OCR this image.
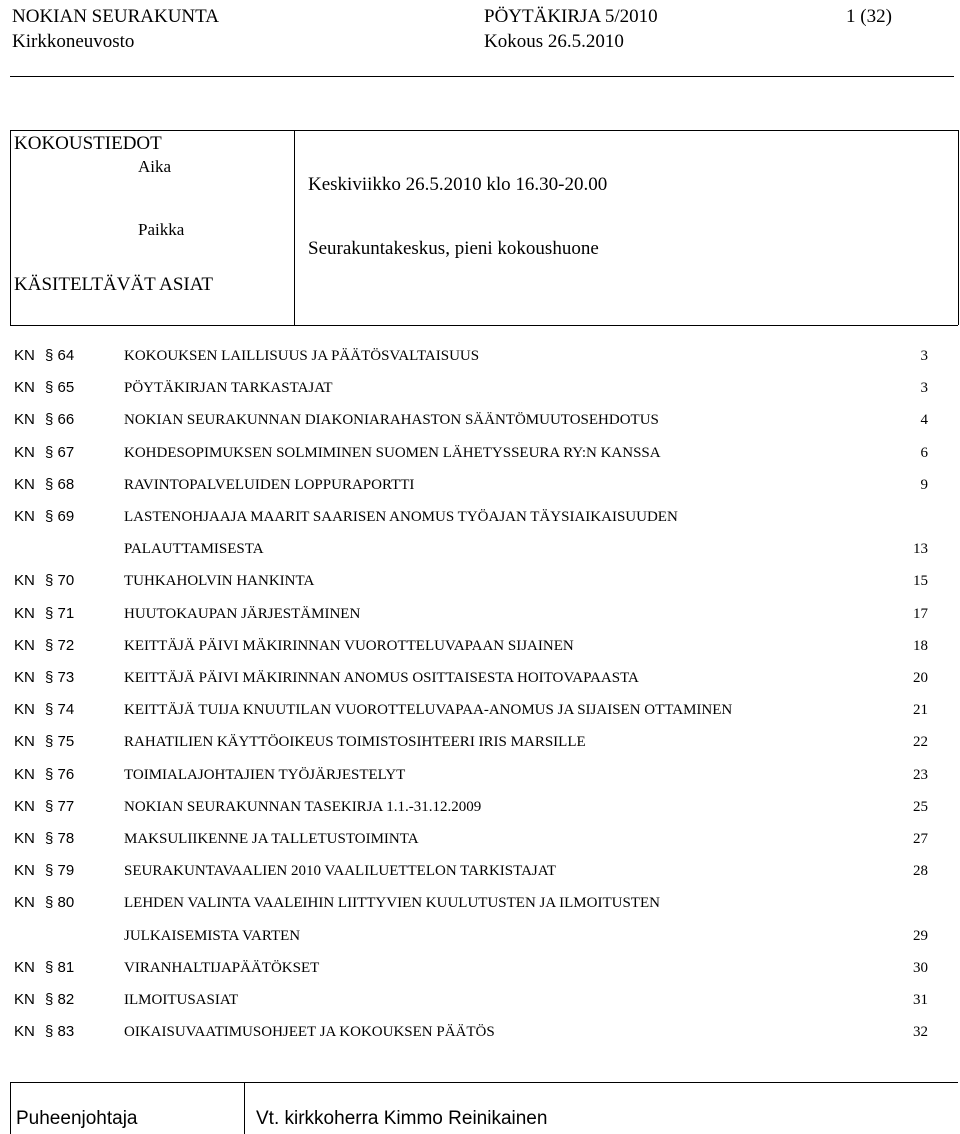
NOKIAN SEURAKUNTA	PÖYTÄKIRJA 5/2010	1 (32)
Kirkkoneuvosto	Kokous 26.5.2010
KOKOUSTIEDOT
Aika
Keskiviikko 26.5.2010 klo 16.30-20.00
Paikka
Seurakuntakeskus, pieni kokoushuone
KÄSITELTÄVÄT ASIAT
KN § 64	KOKOUKSEN LAILLISUUS JA PÄÄTÖSVALTAISUUS	3
KN § 65	PÖYTÄKIRJAN TARKASTAJAT	3
KN § 66	NOKIAN SEURAKUNNAN DIAKONIARAHASTON SÄÄNTÖMUUTOSEHDOTUS	4
KN § 67	KOHDESOPIMUKSEN SOLMIMINEN SUOMEN LÄHETYSSEURA RY:N KANSSA	6
KN § 68	RAVINTOPALVELUIDEN LOPPURAPORTTI	9
KN § 69	LASTENOHJAAJA MAARIT SAARISEN ANOMUS TYÖAJAN TÄYSIAIKAISUUDEN
PALAUTTAMISESTA	13
KN § 70	TUHKAHOLVIN HANKINTA	15
KN § 71	HUUTOKAUPAN JÄRJESTÄMINEN	17
KN § 72	KEITTÄJÄ PÄIVI MÄKIRINNAN VUOROTTELUVAPAAN SIJAINEN	18
KN § 73	KEITTÄJÄ PÄIVI MÄKIRINNAN ANOMUS OSITTAISESTA HOITOVAPAASTA	20
KN § 74	KEITTÄJÄ TUIJA KNUUTILAN VUOROTTELUVAPAA-ANOMUS JA SIJAISEN OTTAMINEN	21
KN § 75	RAHATILIEN KÄYTTÖOIKEUS TOIMISTOSIHTEERI IRIS MARSILLE	22
KN § 76	TOIMIALAJOHTAJIEN TYÖJÄRJESTELYT	23
KN § 77	NOKIAN SEURAKUNNAN TASEKIRJA 1.1.-31.12.2009	25
KN § 78	MAKSULIIKENNE JA TALLETUSTOIMINTA	27
KN § 79	SEURAKUNTAVAALIEN 2010 VAALILUETTELON TARKISTAJAT	28
KN § 80	LEHDEN VALINTA VAALEIHIN LIITTYVIEN KUULUTUSTEN JA ILMOITUSTEN
JULKAISEMISTA VARTEN	29
KN § 81	VIRANHALTIJAPÄÄTÖKSET	30
KN § 82	ILMOITUSASIAT	31
KN § 83	OIKAISUVAATIMUSOHJEET JA KOKOUKSEN PÄÄTÖS	32
Puheenjohtaja	Vt. kirkkoherra Kimmo Reinikainen
